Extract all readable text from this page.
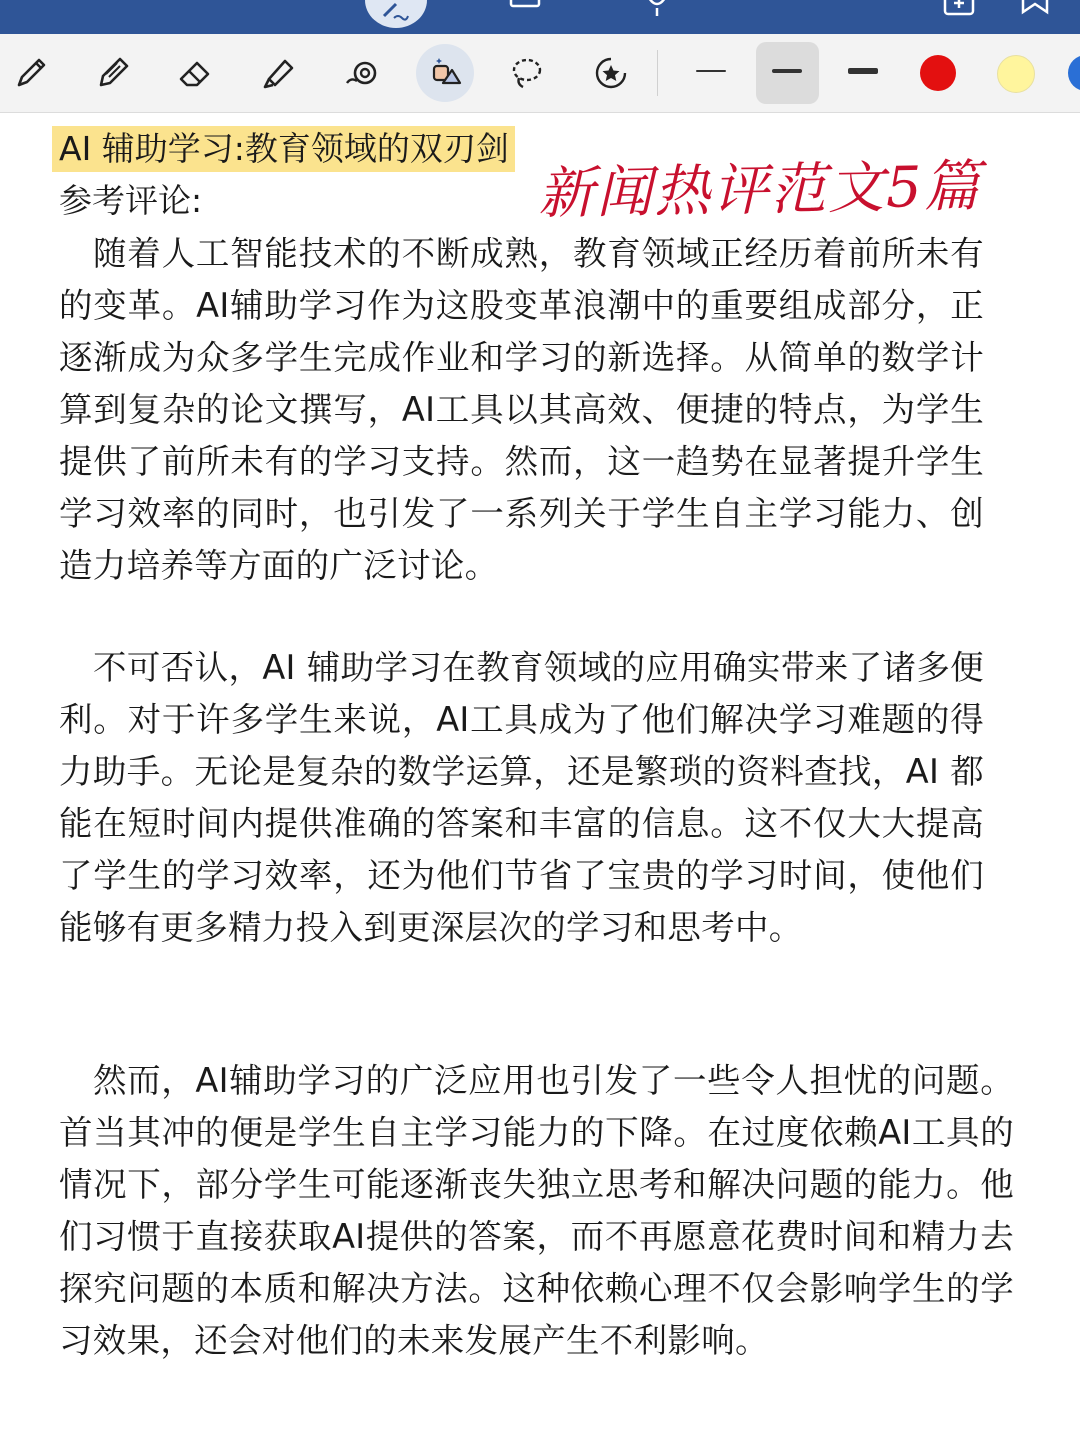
AI 辅助学习:教育领域的双刃剑
新闻热评范文5篇
参考评论:
随着人工智能技术的不断成熟，教育领域正经历着前所未有的变革。AI辅助学习作为这股变革浪潮中的重要组成部分，正逐渐成为众多学生完成作业和学习的新选择。从简单的数学计算到复杂的论文撰写，AI工具以其高效、便捷的特点，为学生提供了前所未有的学习支持。然而，这一趋势在显著提升学生学习效率的同时，也引发了一系列关于学生自主学习能力、创造力培养等方面的广泛讨论。
不可否认，AI 辅助学习在教育领域的应用确实带来了诸多便利。对于许多学生来说，AI工具成为了他们解决学习难题的得力助手。无论是复杂的数学运算，还是繁琐的资料查找，AI 都能在短时间内提供准确的答案和丰富的信息。这不仅大大提高了学生的学习效率，还为他们节省了宝贵的学习时间，使他们能够有更多精力投入到更深层次的学习和思考中。
然而，AI辅助学习的广泛应用也引发了一些令人担忧的问题。首当其冲的便是学生自主学习能力的下降。在过度依赖AI工具的情况下，部分学生可能逐渐丧失独立思考和解决问题的能力。他们习惯于直接获取AI提供的答案，而不再愿意花费时间和精力去探究问题的本质和解决方法。这种依赖心理不仅会影响学生的学习效果，还会对他们的未来发展产生不利影响。
